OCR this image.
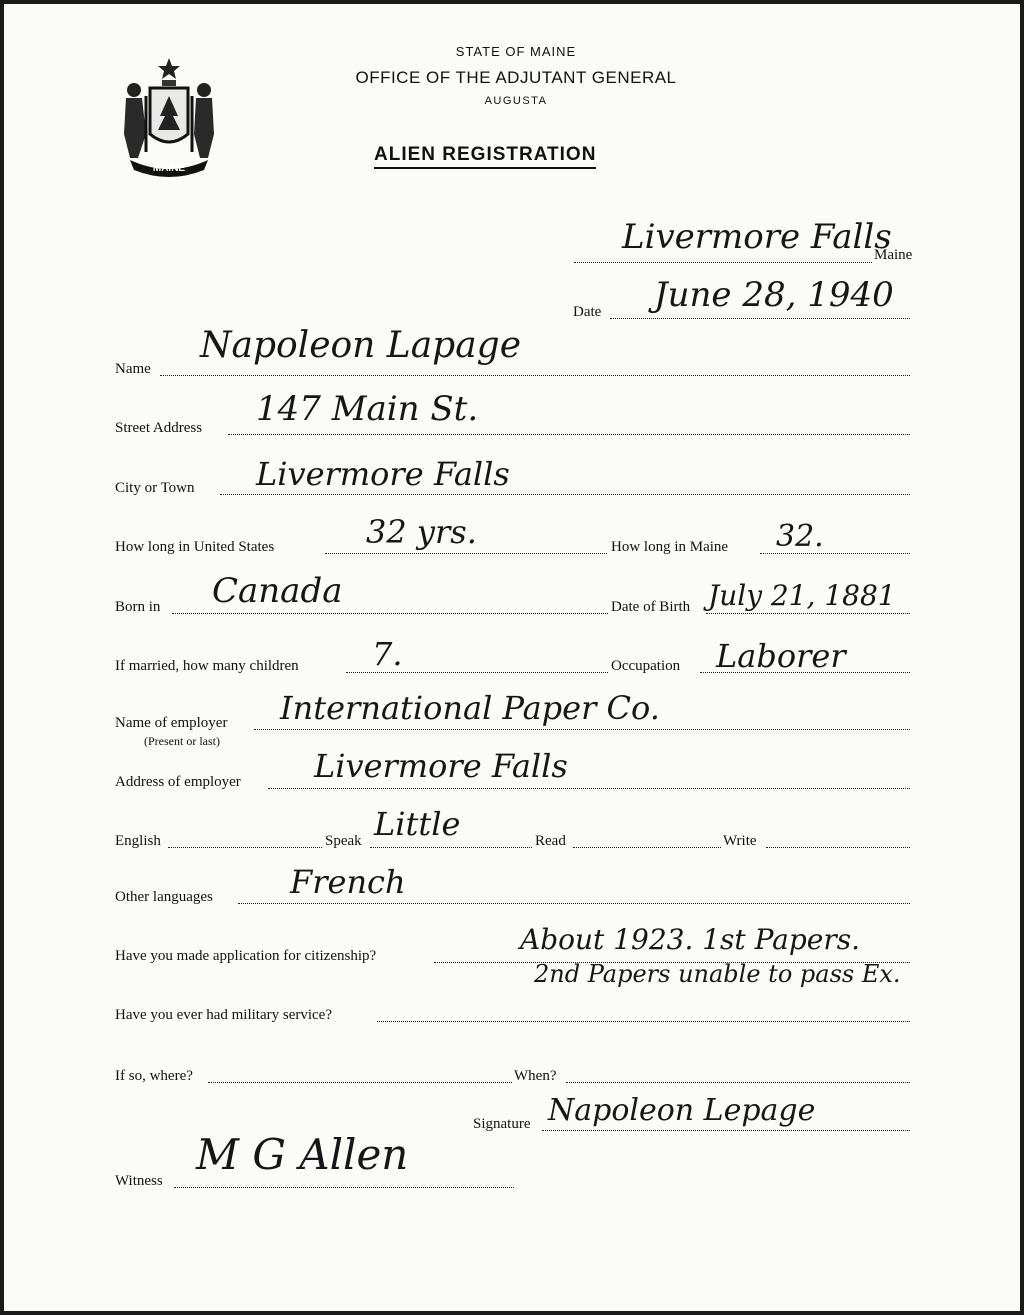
MAINE
STATE OF MAINE
OFFICE OF THE ADJUTANT GENERAL
AUGUSTA
ALIEN REGISTRATION
Livermore Falls
Maine
Date June 28, 1940
Name
Napoleon Lapage
Street Address 147 Main St.
City or Town Livermore Falls
How long in United States	32 yrs.	How long in Maine 32.
Born in Canada	Date of Birth July 21, 1881
If married, how many children 7.	Occupation Laborer
Name of employer
(Present or last)
International Paper Co.
Address of employer Livermore Falls
English	Speak Little	Read	Write
Other languages French
Have you made application for citizenship?	About 1923. 1st Papers.
2nd Papers unable to pass Ex.
Have you ever had military service?
If so, where?	When?
Signature Napoleon Lepage
Witness
M G Allen
